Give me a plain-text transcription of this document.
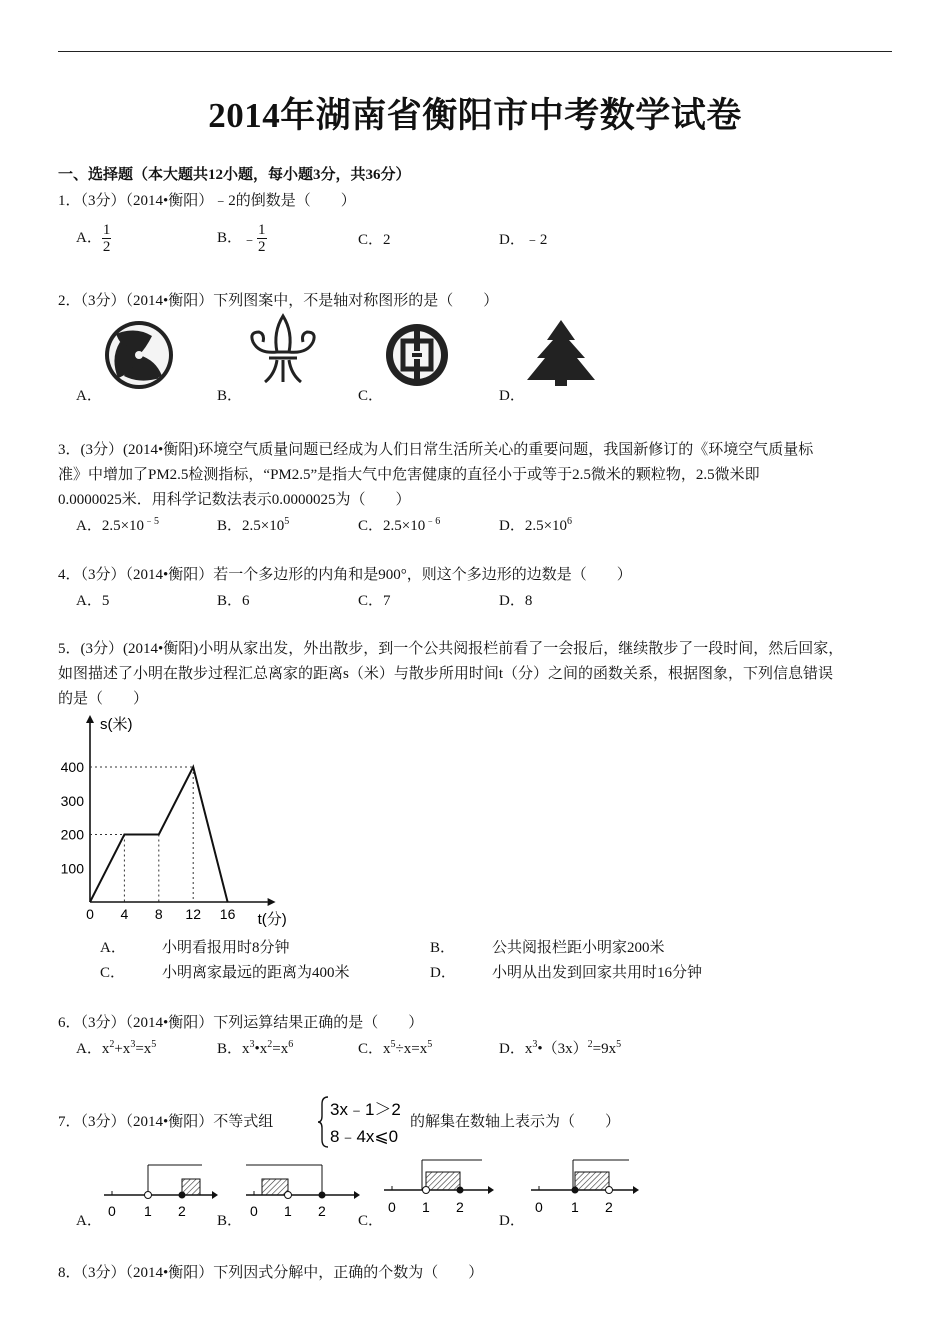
2014年湖南省衡阳市中考数学试卷
一、选择题（本大题共12小题，每小题3分，共36分）
1．（3分）（2014•衡阳）﹣2的倒数是（　　）
A． $\frac{1}{2}$	B．﹣ $\frac{1}{2}$	C．2	D．﹣2
2．（3分）（2014•衡阳）下列图案中，不是轴对称图形的是（　　）
A．	B．	C．	D．
3．(3分）(2014•衡阳)环境空气质量问题已经成为人们日常生活所关心的重要问题，我国新修订的《环境空气质量标
准》中增加了PM2.5检测指标，“PM2.5”是指大气中危害健康的直径小于或等于2.5微米的颗粒物，2.5微米即
0.0000025米．用科学记数法表示0.0000025为（　　）
A．$2.5\times 10^{﹣5}$	B．$2.5\times 10^5$	C．$2.5\times 10^{﹣6}$	D．$2.5\times 10^6$
4．（3分）（2014•衡阳）若一个多边形的内角和是900°，则这个多边形的边数是（　　）
A．5	B．6	C．7	D．8
5．(3分）(2014•衡阳)小明从家出发，外出散步，到一个公共阅报栏前看了一会报后，继续散步了一段时间，然后回家，
如图描述了小明在散步过程汇总离家的距离s（米）与散步所用时间t（分）之间的函数关系，根据图象，下列信息错误
的是（　　）
0 4 8 12 16
100
200
300
400
t(分)
s(米)
A． 小明看报用时8分钟	B． 公共阅报栏距小明家200米
C． 小明离家最远的距离为400米	D． 小明从出发到回家共用时16分钟
6．（3分）（2014•衡阳）下列运算结果正确的是（　　）
A．$x^2+x^3=x^5$	B．$x^3•x^2=x^6$	C．$x^5\div x=x^5$	D．$x^3•(3x)^2=9x^5$
7．（3分）（2014•衡阳）不等式组
3x﹣1＞2
8﹣4x⩽0
的解集在数轴上表示为（　　）
0 1 2	0 1 2	0 1 2	0 1 2
A．	B．	C．	D．
8．（3分）（2014•衡阳）下列因式分解中，正确的个数为（　　）
